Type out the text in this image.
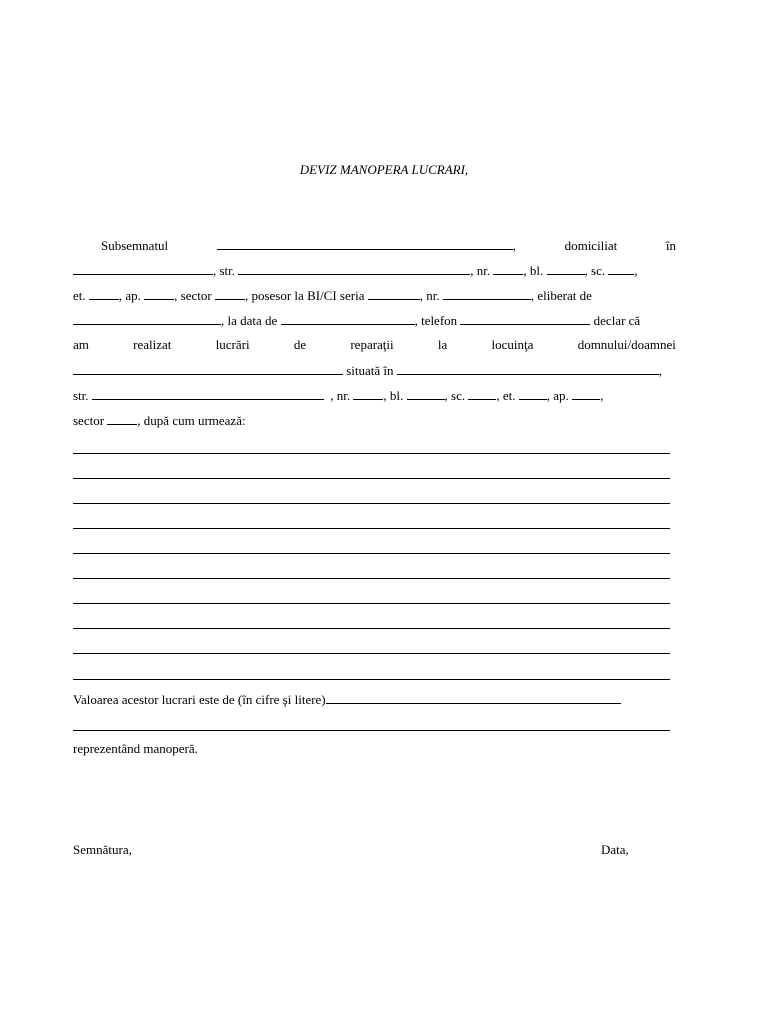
DEVIZ MANOPERA LUCRARI,
Subsemnatul	,	domiciliat	în
, str.
	, nr.
	, bl.
	, sc.
,
et.
	, ap.
	, sector
	, posesor la BI/CI seria
	, nr.
	, eliberat de
, la data de
	, telefon

	declar că
am	realizat	lucrări	de	reparaţii	la	locuinţa	domnului/doamnei

situată în
	,
str.

	, nr.
	, bl.
	, sc.
, et.
, ap.
,
sector
	, după cum urmează:
Valoarea acestor lucrari este de (în cifre şi litere)
reprezentând manoperă.
Semnătura,	Data,
